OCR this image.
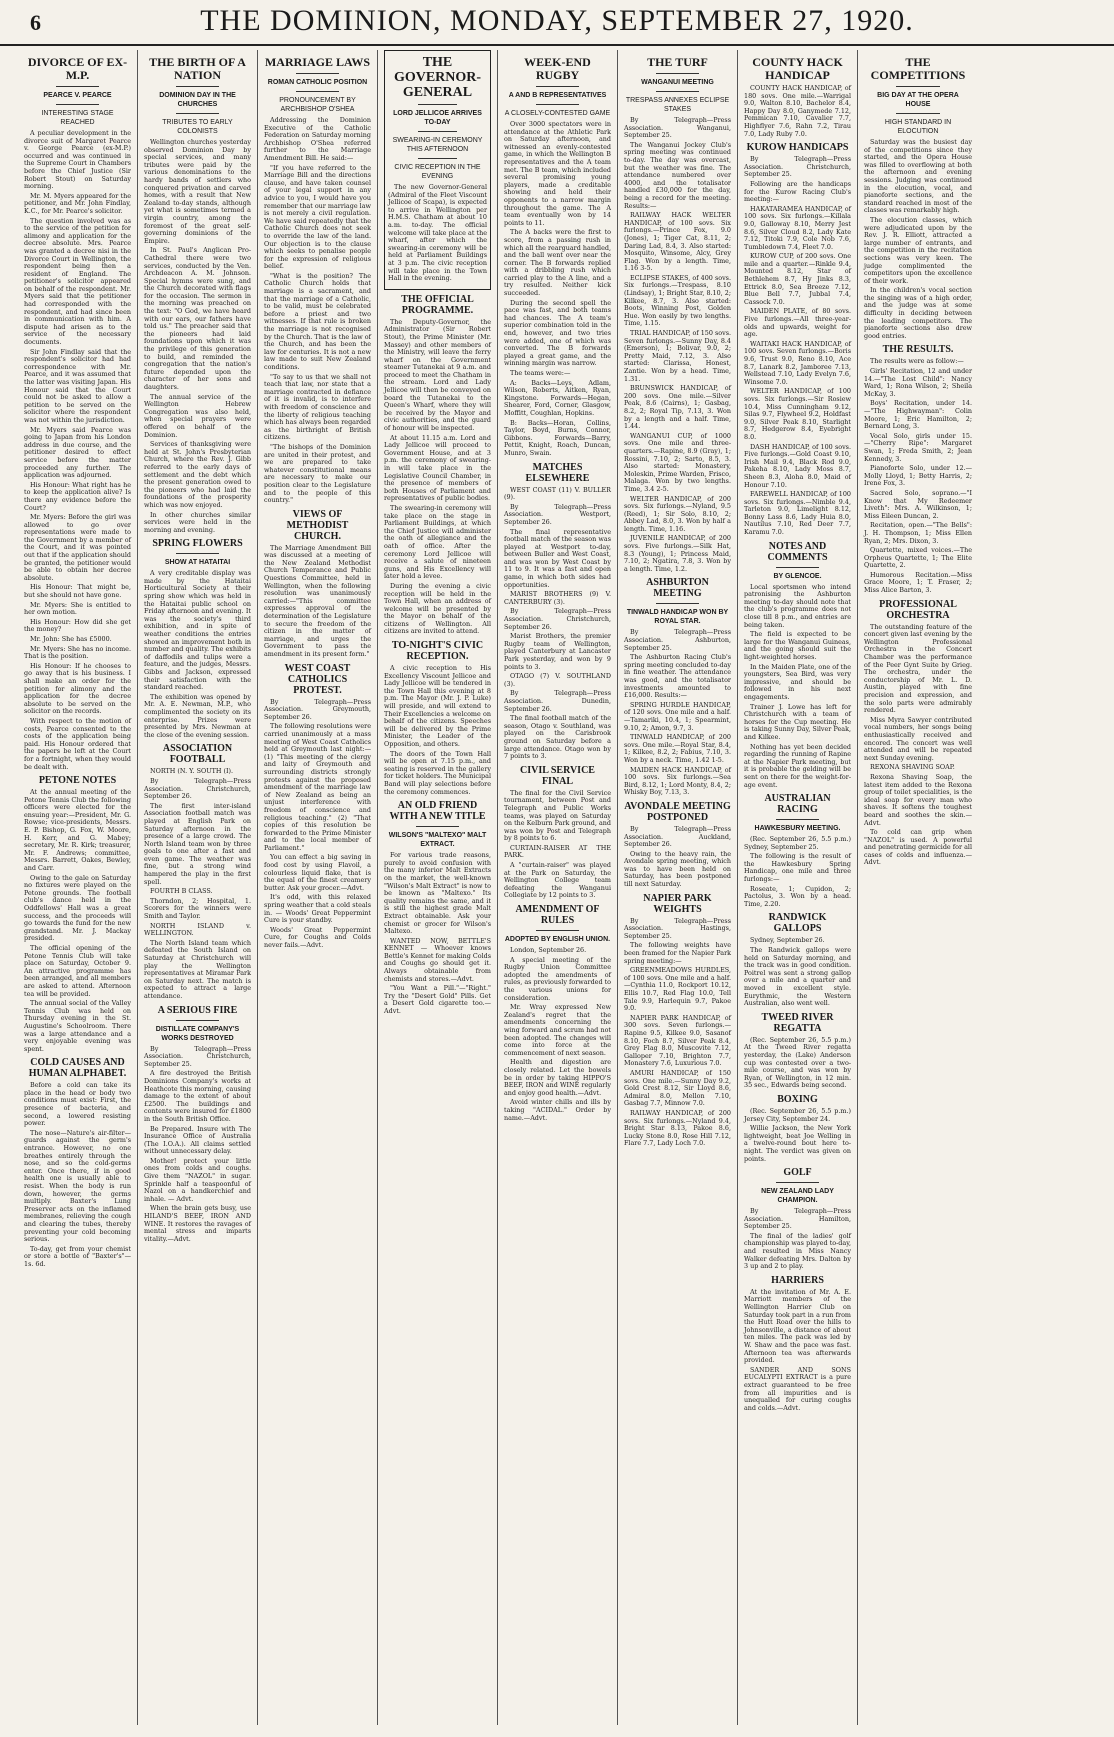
6	THE DOMINION, MONDAY, SEPTEMBER 27, 1920.
DIVORCE OF EX-M.P.
PEARCE V. PEARCE
INTERESTING STAGE REACHED

A peculiar development in the divorce suit of Margaret Pearce v. George Pearce (ex-M.P.) occurred and was continued in the Supreme Court in Chambers before the Chief Justice (Sir Robert Stout) on Saturday morning.

Mr. M. Myers appeared for the petitioner, and Mr. John Findlay, K.C., for Mr. Pearce's solicitor.

The question involved was as to the service of the petition for alimony and application for the decree absolute. Mrs. Pearce was granted a decree nisi in the Divorce Court in Wellington, the respondent being then a resident of England. The petitioner's solicitor appeared on behalf of the respondent. Mr. Myers said that the petitioner had corresponded with the respondent, and had since been in communication with him. A dispute had arisen as to the service of the necessary documents.

Sir John Findlay said that the respondent's solicitor had had correspondence with Mr. Pearce, and it was assumed that the latter was visiting Japan. His Honour said that the Court could not be asked to allow a petition to be served on the solicitor where the respondent was not within the jurisdiction.

Mr. Myers said Pearce was going to Japan from his London address in due course, and the petitioner desired to effect service before the matter proceeded any further. The application was adjourned.

His Honour: What right has he to keep the application alive? Is there any evidence before the Court?

Mr. Myers: Before the girl was allowed to go over representations were made to the Government by a member of the Court, and it was pointed out that if the application should be granted, the petitioner would be able to obtain her decree absolute.

His Honour: That might be, but she should not have gone.

Mr. Myers: She is entitled to her own motion.

His Honour: How did she get the money?

Mr. John: She has £5000.

Mr. Myers: She has no income. That is the position.

His Honour: If he chooses to go away that is his business. I shall make an order for the petition for alimony and the application for the decree absolute to be served on the solicitor on the records.

With respect to the motion of costs, Pearce consented to the costs of the application being paid. His Honour ordered that the papers be left at the Court for a fortnight, when they would be dealt with.

PETONE NOTES

At the annual meeting of the Petone Tennis Club the following officers were elected for the ensuing year:—President, Mr. G. Rowse; vice-presidents, Messrs. E. P. Bishop, G. Fox, W. Moore, H. Kerr, and G. Mabey; secretary, Mr. R. Kirk; treasurer, Mr. F. Andrews; committee, Messrs. Barrett, Oakes, Bewley, and Carr.

Owing to the gale on Saturday no fixtures were played on the Petone grounds. The football club's dance held in the Oddfellows' Hall was a great success, and the proceeds will go towards the fund for the new grandstand. Mr. J. Mackay presided.

The official opening of the Petone Tennis Club will take place on Saturday, October 9. An attractive programme has been arranged, and all members are asked to attend. Afternoon tea will be provided.

The annual social of the Valley Tennis Club was held on Thursday evening in the St. Augustine's Schoolroom. There was a large attendance and a very enjoyable evening was spent.

COLD CAUSES AND HUMAN ALPHABET.

Before a cold can take its place in the head or body two conditions must exist: First, the presence of bacteria, and second, a lowered resisting power.

The nose—Nature's air-filter—guards against the germ's entrance. However, no one breathes entirely through the nose, and so the cold-germs enter. Once there, if in good health one is usually able to resist. When the body is run down, however, the germs multiply. Baxter's Lung Preserver acts on the inflamed membranes, relieving the cough and clearing the tubes, thereby preventing your cold becoming serious.

To-day, get from your chemist or store a bottle of "Baxter's"—1s. 6d.

THE BIRTH OF A NATION
DOMINION DAY IN THE CHURCHES
TRIBUTES TO EARLY COLONISTS

Wellington churches yesterday observed Dominion Day by special services, and many tributes were paid by the various denominations to the hardy bands of settlers who conquered privation and carved homes, with a result that New Zealand to-day stands, although yet what is sometimes termed a virgin country, among the foremost of the great self-governing dominions of the Empire.

In St. Paul's Anglican Pro-Cathedral there were two services, conducted by the Ven. Archdeacon A. M. Johnson. Special hymns were sung, and the Church decorated with flags for the occasion. The sermon in the morning was preached on the text: "O God, we have heard with our ears, our fathers have told us." The preacher said that the pioneers had laid foundations upon which it was the privilege of this generation to build, and reminded the congregation that the nation's future depended upon the character of her sons and daughters.

The annual service of the Wellington Hebrew Congregation was also held, when special prayers were offered on behalf of the Dominion.

Services of thanksgiving were held at St. John's Presbyterian Church, where the Rev. J. Gibb referred to the early days of settlement and the debt which the present generation owed to the pioneers who had laid the foundations of the prosperity which was now enjoyed.

In other churches similar services were held in the morning and evening.

SPRING FLOWERS
SHOW AT HATAITAI

A very creditable display was made by the Hataitai Horticultural Society at their spring show which was held in the Hataitai public school on Friday afternoon and evening. It was the society's third exhibition, and in spite of weather conditions the entries showed an improvement both in number and quality. The exhibits of daffodils and tulips were a feature, and the judges, Messrs. Gibbs and Jackson, expressed their satisfaction with the standard reached.

The exhibition was opened by Mr. A. E. Newman, M.P., who complimented the society on its enterprise. Prizes were presented by Mrs. Newman at the close of the evening session.

ASSOCIATION FOOTBALL

NORTH (N. Y. SOUTH (I).

By Telegraph—Press Association. Christchurch, September 26.

The first inter-island Association football match was played at English Park on Saturday afternoon in the presence of a large crowd. The North Island team won by three goals to one after a fast and even game. The weather was fine, but a strong wind hampered the play in the first spell.

FOURTH B CLASS.

Thorndon, 2; Hospital, 1. Scorers for the winners were Smith and Taylor.

NORTH ISLAND v. WELLINGTON.

The North Island team which defeated the South Island on Saturday at Christchurch will play the Wellington representatives at Miramar Park on Saturday next. The match is expected to attract a large attendance.

A SERIOUS FIRE
DISTILLATE COMPANY'S WORKS DESTROYED

By Telegraph—Press Association. Christchurch, September 25.

A fire destroyed the British Dominions Company's works at Heathcote this morning, causing damage to the extent of about £2500. The buildings and contents were insured for £1800 in the South British Office.

Be Prepared. Insure with The Insurance Office of Australia (The I.O.A.). All claims settled without unnecessary delay.

Mother! protect your little ones from colds and coughs. Give them "NAZOL" in sugar. Sprinkle half a teaspoonful of Nazol on a handkerchief and inhale. — Advt.

When the brain gets busy, use HILAND'S BEEF, IRON AND WINE. It restores the ravages of mental stress and imparts vitality.—Advt.

MARRIAGE LAWS
ROMAN CATHOLIC POSITION
PRONOUNCEMENT BY ARCHBISHOP O'SHEA

Addressing the Dominion Executive of the Catholic Federation on Saturday morning Archbishop O'Shea referred further to the Marriage Amendment Bill. He said:—

"If you have referred to the Marriage Bill and the directions clause, and have taken counsel of your legal support in any advice to you, I would have you remember that our marriage law is not merely a civil regulation. We have said repeatedly that the Catholic Church does not seek to override the law of the land. Our objection is to the clause which seeks to penalise people for the expression of religious belief.

"What is the position? The Catholic Church holds that marriage is a sacrament, and that the marriage of a Catholic, to be valid, must be celebrated before a priest and two witnesses. If that rule is broken the marriage is not recognised by the Church. That is the law of the Church, and has been the law for centuries. It is not a new law made to suit New Zealand conditions.

"To say to us that we shall not teach that law, nor state that a marriage contracted in defiance of it is invalid, is to interfere with freedom of conscience and the liberty of religious teaching which has always been regarded as the birthright of British citizens.

"The bishops of the Dominion are united in their protest, and we are prepared to take whatever constitutional means are necessary to make our position clear to the Legislature and to the people of this country."

VIEWS OF METHODIST CHURCH.

The Marriage Amendment Bill was discussed at a meeting of the New Zealand Methodist Church Temperance and Public Questions Committee, held in Wellington, when the following resolution was unanimously carried:—"This committee expresses approval of the determination of the Legislature to secure the freedom of the citizen in the matter of marriage, and urges the Government to pass the amendment in its present form."

WEST COAST CATHOLICS PROTEST.

By Telegraph—Press Association. Greymouth, September 26.

The following resolutions were carried unanimously at a mass meeting of West Coast Catholics held at Greymouth last night:—(1) "This meeting of the clergy and laity of Greymouth and surrounding districts strongly protests against the proposed amendment of the marriage law of New Zealand as being an unjust interference with freedom of conscience and religious teaching." (2) "That copies of this resolution be forwarded to the Prime Minister and to the local member of Parliament."

You can effect a big saving in food cost by using Flavoil, a colourless liquid flake, that is the equal of the finest creamery butter. Ask your grocer.—Advt.

It's odd, with this relaxed spring weather that a cold steals in. — Woods' Great Peppermint Cure is your standby.

Woods' Great Peppermint Cure, for Coughs and Colds never fails.—Advt.

THE GOVERNOR-GENERAL
LORD JELLICOE ARRIVES TO-DAY
SWEARING-IN CEREMONY THIS AFTERNOON
CIVIC RECEPTION IN THE EVENING

The new Governor-General (Admiral of the Fleet Viscount Jellicoe of Scapa), is expected to arrive in Wellington per H.M.S. Chatham at about 10 a.m. to-day. The official welcome will take place at the wharf, after which the swearing-in ceremony will be held at Parliament Buildings at 3 p.m. The civic reception will take place in the Town Hall in the evening.

THE OFFICIAL PROGRAMME.

The Deputy-Governor, the Administrator (Sir Robert Stout), the Prime Minister (Mr. Massey) and other members of the Ministry, will leave the ferry wharf on the Government steamer Tutanekai at 9 a.m. and proceed to meet the Chatham in the stream. Lord and Lady Jellicoe will then be conveyed on board the Tutanekai to the Queen's Wharf, where they will be received by the Mayor and civic authorities, and the guard of honour will be inspected.

At about 11.15 a.m. Lord and Lady Jellicoe will proceed to Government House, and at 3 p.m. the ceremony of swearing-in will take place in the Legislative Council Chamber, in the presence of members of both Houses of Parliament and representatives of public bodies.

The swearing-in ceremony will take place on the stage in Parliament Buildings, at which the Chief Justice will administer the oath of allegiance and the oath of office. After the ceremony Lord Jellicoe will receive a salute of nineteen guns, and His Excellency will later hold a levee.

During the evening a civic reception will be held in the Town Hall, when an address of welcome will be presented by the Mayor on behalf of the citizens of Wellington. All citizens are invited to attend.

TO-NIGHT'S CIVIC RECEPTION.

A civic reception to His Excellency Viscount Jellicoe and Lady Jellicoe will be tendered in the Town Hall this evening at 8 p.m. The Mayor (Mr. J. P. Luke) will preside, and will extend to Their Excellencies a welcome on behalf of the citizens. Speeches will be delivered by the Prime Minister, the Leader of the Opposition, and others.

The doors of the Town Hall will be open at 7.15 p.m., and seating is reserved in the gallery for ticket holders. The Municipal Band will play selections before the ceremony commences.

AN OLD FRIEND WITH A NEW TITLE
WILSON'S "MALTEXO" MALT EXTRACT.

For various trade reasons, purely to avoid confusion with the many inferior Malt Extracts on the market, the well-known "Wilson's Malt Extract" is now to be known as "Maltexo." Its quality remains the same, and it is still the highest grade Malt Extract obtainable. Ask your chemist or grocer for Wilson's Maltexo.

WANTED NOW, BETTLE'S KENNET — Whoever knows Bettle's Kennet for making Colds and Coughs go should get it. Always obtainable from chemists and stores.—Advt.

"You Want a Pill."—"Right." Try the "Desert Gold" Pills. Get a Desert Gold cigarette too.—Advt.

WEEK-END RUGBY
A AND B REPRESENTATIVES
A CLOSELY-CONTESTED GAME

Over 3000 spectators were in attendance at the Athletic Park on Saturday afternoon, and witnessed an evenly-contested game, in which the Wellington B representatives and the A team met. The B team, which included several promising young players, made a creditable showing and held their opponents to a narrow margin throughout the game. The A team eventually won by 14 points to 11.

The A backs were the first to score, from a passing rush in which all the rearguard handled, and the ball went over near the corner. The B forwards replied with a dribbling rush which carried play to the A line, and a try resulted. Neither kick succeeded.

During the second spell the pace was fast, and both teams had chances. The A team's superior combination told in the end, however, and two tries were added, one of which was converted. The B forwards played a great game, and the winning margin was narrow.

The teams were:—

A: Backs—Leys, Adlam, Wilson, Roberts, Aitken, Ryan, Kingstone. Forwards—Hegan, Shearer, Ford, Corner, Glasgow, Moffitt, Coughlan, Hopkins.

B: Backs—Horan, Collins, Taylor, Boyd, Burns, Connor, Gibbons. Forwards—Barry, Pettit, Knight, Roach, Duncan, Munro, Swain.

MATCHES ELSEWHERE

WEST COAST (11) V. BULLER (9).

By Telegraph—Press Association. Westport, September 26.

The final representative football match of the season was played at Westport to-day, between Buller and West Coast, and was won by West Coast by 11 to 9. It was a fast and open game, in which both sides had opportunities.

MARIST BROTHERS (9) V. CANTERBURY (3).

By Telegraph—Press Association. Christchurch, September 26.

Marist Brothers, the premier Rugby team of Wellington, played Canterbury at Lancaster Park yesterday, and won by 9 points to 3.

OTAGO (7) V. SOUTHLAND (3).

By Telegraph—Press Association. Dunedin, September 26.

The final football match of the season, Otago v. Southland, was played on the Carisbrook ground on Saturday before a large attendance. Otago won by 7 points to 3.

CIVIL SERVICE FINAL

The final for the Civil Service tournament, between Post and Telegraph and Public Works teams, was played on Saturday on the Kelburn Park ground, and was won by Post and Telegraph by 8 points to 6.

CURTAIN-RAISER AT THE PARK.

A "curtain-raiser" was played at the Park on Saturday, the Wellington College team defeating the Wanganui Collegiate by 12 points to 3.

AMENDMENT OF RULES
ADOPTED BY ENGLISH UNION.

London, September 26.

A special meeting of the Rugby Union Committee adopted the amendments of rules, as previously forwarded to the various unions for consideration.

Mr. Wray expressed New Zealand's regret that the amendments concerning the wing forward and scrum had not been adopted. The changes will come into force at the commencement of next season.

Health and digestion are closely related. Let the bowels be in order by taking HIPPO'S BEEF, IRON and WINE regularly and enjoy good health.—Advt.

Avoid winter chills and ills by taking "ACIDAL." Order by name.—Advt.

THE TURF
WANGANUI MEETING
TRESPASS ANNEXES ECLIPSE STAKES

By Telegraph—Press Association. Wanganui, September 25.

The Wanganui Jockey Club's spring meeting was continued to-day. The day was overcast, but the weather was fine. The attendance numbered over 4000, and the totalisator handled £30,000 for the day, being a record for the meeting. Results:—

RAILWAY HACK WELTER HANDICAP, of 100 sovs. Six furlongs.—Prince Fox, 9.0 (Jones), 1; Tiger Cat, 8.11, 2; Daring Lad, 8.4, 3. Also started: Mosquito, Winsome, Alcy, Grey Flag. Won by a length. Time, 1.16 3-5.

ECLIPSE STAKES, of 400 sovs. Six furlongs.—Trespass, 8.10 (Lindsay), 1; Bright Star, 8.10, 2; Kilkee, 8.7, 3. Also started: Boots, Winning Post, Golden Hue. Won easily by two lengths. Time, 1.15.

TRIAL HANDICAP, of 150 sovs. Seven furlongs.—Sunny Day, 8.4 (Emerson), 1; Bolivar, 9.0, 2; Pretty Maid, 7.12, 3. Also started: Clarissa, Honest, Zantie. Won by a head. Time, 1.31.

BRUNSWICK HANDICAP, of 200 sovs. One mile.—Silver Peak, 8.6 (Cairns), 1; Gasbag, 8.2, 2; Royal Tip, 7.13, 3. Won by a length and a half. Time, 1.44.

WANGANUI CUP, of 1000 sovs. One mile and three-quarters.—Rapine, 8.9 (Gray), 1; Rossini, 7.10, 2; Sarto, 8.5, 3. Also started: Monastery, Moleskin, Prime Warden, Frisco, Malaga. Won by two lengths. Time, 3.4 2-5.

WELTER HANDICAP, of 200 sovs. Six furlongs.—Nyland, 9.5 (Reed), 1; Sir Solo, 8.10, 2; Abbey Lad, 8.0, 3. Won by half a length. Time, 1.16.

JUVENILE HANDICAP, of 200 sovs. Five furlongs.—Silk Hat, 8.3 (Young), 1; Princess Maid, 7.10, 2; Ngatira, 7.8, 3. Won by a length. Time, 1.2.

ASHBURTON MEETING
TINWALD HANDICAP WON BY ROYAL STAR.

By Telegraph—Press Association. Ashburton, September 25.

The Ashburton Racing Club's spring meeting concluded to-day in fine weather. The attendance was good, and the totalisator investments amounted to £16,000. Results:—

SPRING HURDLE HANDICAP, of 120 sovs. One mile and a half.—Tamariki, 10.4, 1; Spearmint, 9.10, 2; Amon, 9.7, 3.

TINWALD HANDICAP, of 200 sovs. One mile.—Royal Star, 8.4, 1; Kilkee, 8.2, 2; Fabius, 7.10, 3. Won by a neck. Time, 1.42 1-5.

MAIDEN HACK HANDICAP, of 100 sovs. Six furlongs.—Sea Bird, 8.12, 1; Lord Monty, 8.4, 2; Whisky Boy, 7.13, 3.

AVONDALE MEETING POSTPONED

By Telegraph—Press Association. Auckland, September 26.

Owing to the heavy rain, the Avondale spring meeting, which was to have been held on Saturday, has been postponed till next Saturday.

NAPIER PARK WEIGHTS

By Telegraph—Press Association. Hastings, September 25.

The following weights have been framed for the Napier Park spring meeting:—

GREENMEADOWS HURDLES, of 100 sovs. One mile and a half.—Cynthia 11.0, Rockport 10.12, Ellis 10.7, Red Flag 10.0, Tell Tale 9.9, Harlequin 9.7, Pakoe 9.0.

NAPIER PARK HANDICAP, of 300 sovs. Seven furlongs.—Rapine 9.5, Kilkee 9.0, Sasanof 8.10, Foch 8.7, Silver Peak 8.4, Grey Flag 8.0, Muscovite 7.12, Galloper 7.10, Brighton 7.7, Monastery 7.6, Luxurious 7.0.

AMURI HANDICAP, of 150 sovs. One mile.—Sunny Day 9.2, Gold Crest 8.12, Sir Lloyd 8.6, Admiral 8.0, Mellon 7.10, Gasbag 7.7, Minnow 7.0.

RAILWAY HANDICAP, of 200 sovs. Six furlongs.—Nyland 9.4, Bright Star 8.13, Pakoe 8.6, Lucky Stone 8.0, Rose Hill 7.12, Flare 7.7, Lady Loch 7.0.

COUNTY HACK HANDICAP

COUNTY HACK HANDICAP, of 180 sovs. One mile.—Warrigal 9.0, Walton 8.10, Bachelor 8.4, Happy Day 8.0, Ganymede 7.12, Pemmican 7.10, Cavalier 7.7, Highflyer 7.6, Rahn 7.2, Tirau 7.0, Lady Ruby 7.0.

KUROW HANDICAPS

By Telegraph—Press Association. Christchurch, September 25.

Following are the handicaps for the Kurow Racing Club's meeting:—

HAKATARAMEA HANDICAP, of 100 sovs. Six furlongs.—Killala 9.0, Galloway 8.10, Merry Jest 8.6, Silver Cloud 8.2, Lady Kate 7.12, Titoki 7.9, Cole Nob 7.6, Tumbledown 7.4, Fleet 7.0.

KUROW CUP, of 200 sovs. One mile and a quarter.—Rinkle 9.4, Mounted 8.12, Star of Bethlehem 8.7, Hy Jinks 8.3, Ettrick 8.0, Sea Breeze 7.12, Blue Bell 7.7, Jubbal 7.4, Cassock 7.0.

MAIDEN PLATE, of 80 sovs. Five furlongs.—All three-year-olds and upwards, weight for age.

WAITAKI HACK HANDICAP, of 100 sovs. Seven furlongs.—Boris 9.6, Trust 9.0, Reno 8.10, Ace 8.7, Lanark 8.2, Jamboree 7.13, Wellstead 7.10, Lady Evelyn 7.6, Winsome 7.0.

WELTER HANDICAP, of 100 sovs. Six furlongs.—Sir Rosiew 10.4, Miss Cunningham 9.12, Silas 9.7, Flywheel 9.2, Holdfast 9.0, Silver Peak 8.10, Starlight 8.7, Hedgerow 8.4, Eyebright 8.0.

DASH HANDICAP, of 100 sovs. Five furlongs.—Gold Coast 9.10, Irish Mail 9.4, Black Rod 9.0, Pakeha 8.10, Lady Moss 8.7, Sheen 8.3, Aloha 8.0, Maid of Honour 7.10.

FAREWELL HANDICAP, of 100 sovs. Six furlongs.—Nimble 9.4, Tarleton 9.0, Limelight 8.12, Bonny Lass 8.6, Lady Huia 8.0, Nautilus 7.10, Red Deer 7.7, Karamu 7.0.

NOTES AND COMMENTS
BY GLENCOE.

Local sportsmen who intend patronising the Ashburton meeting to-day should note that the club's programme does not close till 8 p.m., and entries are being taken.

The field is expected to be large for the Wanganui Guineas, and the going should suit the light-weighted horses.

In the Maiden Plate, one of the youngsters, Sea Bird, was very impressive, and should be followed in his next engagements.

Trainer J. Lowe has left for Christchurch with a team of horses for the Cup meeting. He is taking Sunny Day, Silver Peak, and Kilkee.

Nothing has yet been decided regarding the running of Rapine at the Napier Park meeting, but it is probable the gelding will be sent on there for the weight-for-age event.

AUSTRALIAN RACING
HAWKESBURY MEETING.

(Rec. September 26, 5.5 p.m.) Sydney, September 25.

The following is the result of the Hawkesbury Spring Handicap, one mile and three furlongs:—

Roseate, 1; Cupidon, 2; Pactolus, 3. Won by a head. Time, 2.20.

RANDWICK GALLOPS

Sydney, September 26.

The Randwick gallops were held on Saturday morning, and the track was in good condition. Poitrel was sent a strong gallop over a mile and a quarter and moved in excellent style. Eurythmic, the Western Australian, also went well.

TWEED RIVER REGATTA

(Rec. September 26, 5.5 p.m.) At the Tweed River regatta yesterday, the (Lake) Anderson cup was contested over a two-mile course, and was won by Ryan, of Wellington, in 12 min. 35 sec., Edwards being second.

BOXING

(Rec. September 26, 5.5 p.m.) Jersey City, September 24.

Willie Jackson, the New York lightweight, beat Joe Welling in a twelve-round bout here to-night. The verdict was given on points.

GOLF
NEW ZEALAND LADY CHAMPION.

By Telegraph—Press Association. Hamilton, September 25.

The final of the ladies' golf championship was played to-day, and resulted in Miss Nancy Walker defeating Mrs. Dalton by 3 up and 2 to play.

HARRIERS

At the invitation of Mr. A. E. Marriott members of the Wellington Harrier Club on Saturday took part in a run from the Hutt Road over the hills to Johnsonville, a distance of about ten miles. The pack was led by W. Shaw and the pace was fast. Afternoon tea was afterwards provided.

SANDER AND SONS EUCALYPTI EXTRACT is a pure extract guaranteed to be free from all impurities and is unequalled for curing coughs and colds.—Advt.

THE COMPETITIONS
BIG DAY AT THE OPERA HOUSE
HIGH STANDARD IN ELOCUTION

Saturday was the busiest day of the competitions since they started, and the Opera House was filled to overflowing at both the afternoon and evening sessions. Judging was continued in the elocution, vocal, and pianoforte sections, and the standard reached in most of the classes was remarkably high.

The elocution classes, which were adjudicated upon by the Rev. J. R. Elliott, attracted a large number of entrants, and the competition in the recitation sections was very keen. The judge complimented the competitors upon the excellence of their work.

In the children's vocal section the singing was of a high order, and the judge was at some difficulty in deciding between the leading competitors. The pianoforte sections also drew good entries.

THE RESULTS.

The results were as follow:—

Girls' Recitation, 12 and under 14.—"The Lost Child": Nancy Ward, 1; Rona Wilson, 2; Sheila McKay, 3.

Boys' Recitation, under 14.—"The Highwayman": Colin Moore, 1; Eric Hamilton, 2; Bernard Long, 3.

Vocal Solo, girls under 15.—"Cherry Ripe": Margaret Swan, 1; Freda Smith, 2; Jean Kennedy, 3.

Pianoforte Solo, under 12.—Molly Lloyd, 1; Betty Harris, 2; Irene Fox, 3.

Sacred Solo, soprano.—"I Know that My Redeemer Liveth": Mrs. A. Wilkinson, 1; Miss Eileen Duncan, 2.

Recitation, open.—"The Bells": J. H. Thompson, 1; Miss Ellen Ryan, 2; Mrs. Dixon, 3.

Quartette, mixed voices.—The Orpheus Quartette, 1; The Elite Quartette, 2.

Humorous Recitation.—Miss Grace Moore, 1; T. Fraser, 2; Miss Alice Barton, 3.

PROFESSIONAL ORCHESTRA

The outstanding feature of the concert given last evening by the Wellington Professional Orchestra in the Concert Chamber was the performance of the Peer Gynt Suite by Grieg. The orchestra, under the conductorship of Mr. L. D. Austin, played with fine precision and expression, and the solo parts were admirably rendered.

Miss Myra Sawyer contributed vocal numbers, her songs being enthusiastically received and encored. The concert was well attended and will be repeated next Sunday evening.

REXONA SHAVING SOAP.

Rexona Shaving Soap, the latest item added to the Rexona group of toilet specialities, is the ideal soap for every man who shaves. It softens the toughest beard and soothes the skin.—Advt.

To cold can grip when "NAZOL" is used. A powerful and penetrating germicide for all cases of colds and influenza.—Advt.
